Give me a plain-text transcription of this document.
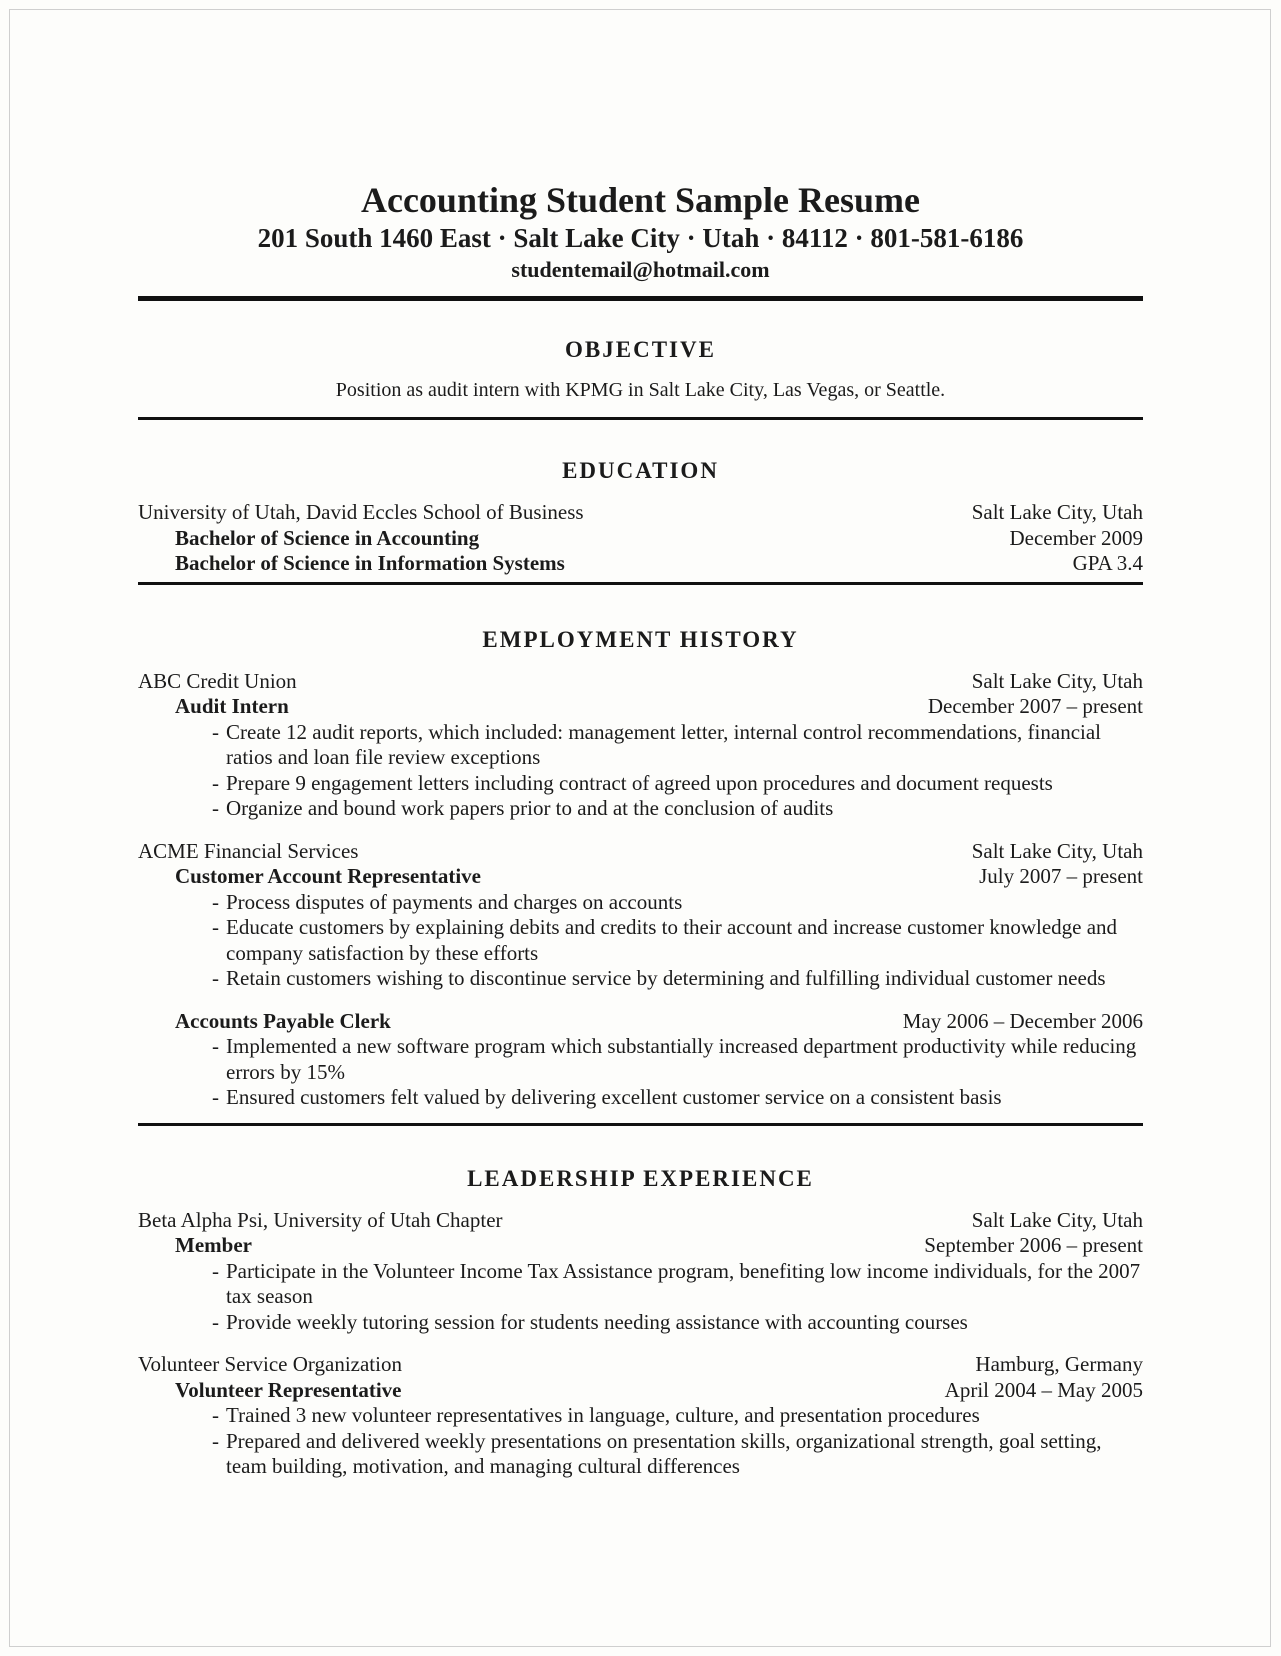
Accounting Student Sample Resume
201 South 1460 East · Salt Lake City · Utah · 84112 · 801-581-6186
studentemail@hotmail.com
OBJECTIVE
Position as audit intern with KPMG in Salt Lake City, Las Vegas, or Seattle.
EDUCATION
University of Utah, David Eccles School of Business	Salt Lake City, Utah
Bachelor of Science in Accounting	December 2009
Bachelor of Science in Information Systems	GPA 3.4
EMPLOYMENT HISTORY
ABC Credit Union	Salt Lake City, Utah
Audit Intern	December 2007 – present
- Create 12 audit reports, which included: management letter, internal control recommendations, financial ratios and loan file review exceptions
- Prepare 9 engagement letters including contract of agreed upon procedures and document requests
- Organize and bound work papers prior to and at the conclusion of audits
ACME Financial Services	Salt Lake City, Utah
Customer Account Representative	July 2007 – present
- Process disputes of payments and charges on accounts
- Educate customers by explaining debits and credits to their account and increase customer knowledge and company satisfaction by these efforts
- Retain customers wishing to discontinue service by determining and fulfilling individual customer needs
Accounts Payable Clerk	May 2006 – December 2006
- Implemented a new software program which substantially increased department productivity while reducing errors by 15%
- Ensured customers felt valued by delivering excellent customer service on a consistent basis
LEADERSHIP EXPERIENCE
Beta Alpha Psi, University of Utah Chapter	Salt Lake City, Utah
Member	September 2006 – present
- Participate in the Volunteer Income Tax Assistance program, benefiting low income individuals, for the 2007 tax season
- Provide weekly tutoring session for students needing assistance with accounting courses
Volunteer Service Organization	Hamburg, Germany
Volunteer Representative	April 2004 – May 2005
- Trained 3 new volunteer representatives in language, culture, and presentation procedures
- Prepared and delivered weekly presentations on presentation skills, organizational strength, goal setting, team building, motivation, and managing cultural differences
